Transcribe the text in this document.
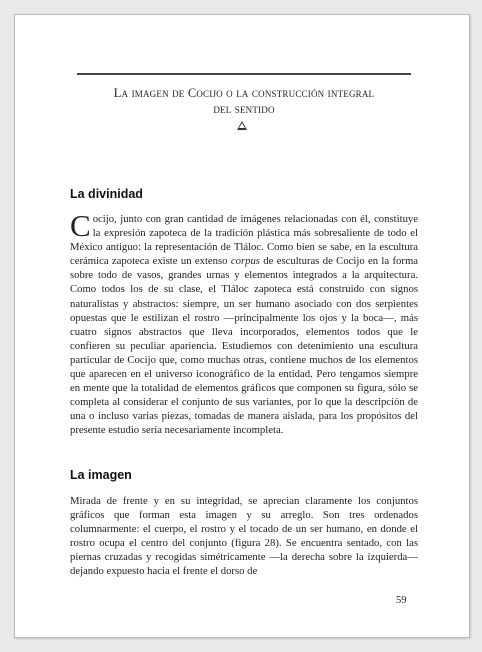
La imagen de Cocijo o la construcción integral
del sentido
La divinidad
Cocijo, junto con gran cantidad de imágenes relacionadas con él, constituye la expresión zapoteca de la tradición plástica más sobresaliente de todo el México antiguo: la representación de Tláloc. Como bien se sabe, en la escultura cerámica zapoteca existe un extenso corpus de esculturas de Cocijo en la forma sobre todo de vasos, grandes urnas y elementos integrados a la arquitectura. Como todos los de su clase, el Tláloc zapoteca está construido con signos naturalistas y abstractos: siempre, un ser humano asociado con dos serpientes opuestas que le estilizan el rostro —principalmente los ojos y la boca—, más cuatro signos abstractos que lleva incorporados, elementos todos que le confieren su peculiar apariencia. Estudiemos con detenimiento una escultura particular de Cocijo que, como muchas otras, contiene muchos de los elementos que aparecen en el universo iconográfico de la entidad. Pero tengamos siempre en mente que la totalidad de elementos gráficos que componen su figura, sólo se completa al considerar el conjunto de sus variantes, por lo que la descripción de una o incluso varias piezas, tomadas de manera aislada, para los propósitos del presente estudio sería necesariamente incompleta.
La imagen
Mirada de frente y en su integridad, se aprecian claramente los conjuntos gráficos que forman esta imagen y su arreglo. Son tres ordenados columnarmente: el cuerpo, el rostro y el tocado de un ser humano, en donde el rostro ocupa el centro del conjunto (figura 28). Se encuentra sentado, con las piernas cruzadas y recogidas simétricamente —la derecha sobre la izquierda— dejando expuesto hacia el frente el dorso de
59
